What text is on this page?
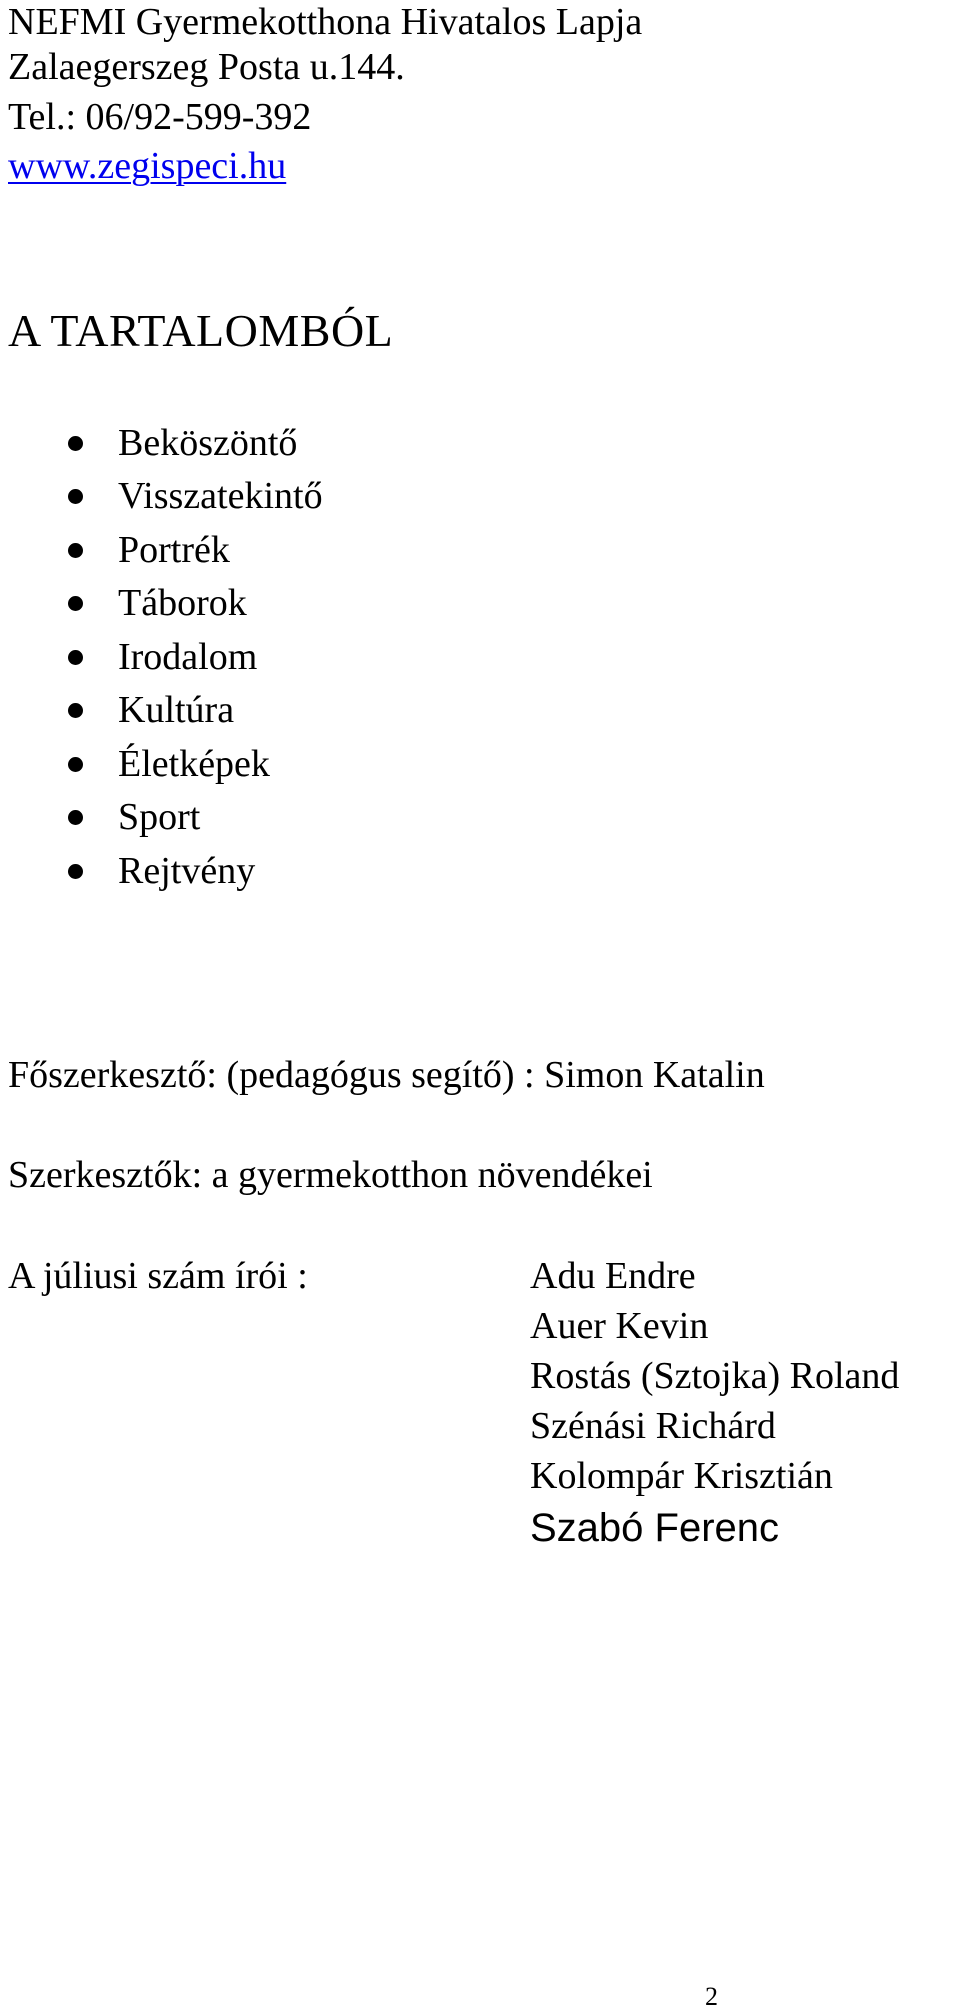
NEFMI Gyermekotthona Hivatalos Lapja
Zalaegerszeg Posta u.144.
Tel.: 06/92-599-392
www.zegispeci.hu
A TARTALOMBÓL
Beköszöntő
Visszatekintő
Portrék
Táborok
Irodalom
Kultúra
Életképek
Sport
Rejtvény
Főszerkesztő: (pedagógus segítő) : Simon Katalin
Szerkesztők: a gyermekotthon növendékei
A júliusi szám írói :	Adu Endre
Auer Kevin
Rostás (Sztojka) Roland
Szénási Richárd
Kolompár Krisztián
Szabó Ferenc
2
